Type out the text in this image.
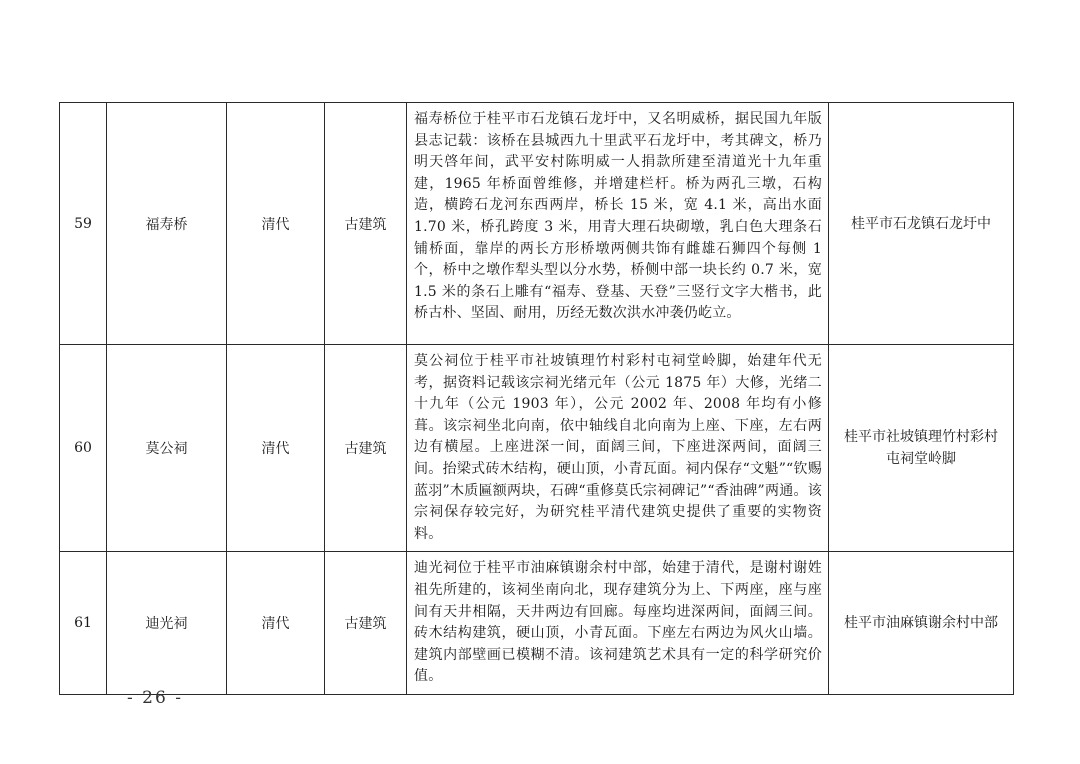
59	福寿桥	清代	古建筑	福寿桥位于桂平市石龙镇石龙圩中，又名明威桥，据民国九年版县志记载：该桥在县城西九十里武平石龙圩中，考其碑文，桥乃明天啓年间，武平安村陈明威一人捐款所建至清道光十九年重建，1965 年桥面曾维修，并增建栏杆。桥为两孔三墩，石构造，横跨石龙河东西两岸，桥长 15 米，宽 4.1 米，高出水面 1.70 米，桥孔跨度 3 米，用青大理石块砌墩，乳白色大理条石铺桥面，靠岸的两长方形桥墩两侧共饰有雌雄石狮四个每侧 1 个，桥中之墩作犁头型以分水势，桥侧中部一块长约 0.7 米，宽 1.5 米的条石上雕有“福寿、登基、天登”三竖行文字大楷书，此桥古朴、坚固、耐用，历经无数次洪水冲袭仍屹立。	桂平市石龙镇石龙圩中
60	莫公祠	清代	古建筑	莫公祠位于桂平市社坡镇理竹村彩村屯祠堂岭脚，始建年代无考，据资料记载该宗祠光绪元年（公元 1875 年）大修，光绪二十九年（公元 1903 年），公元 2002 年、2008 年均有小修葺。该宗祠坐北向南，依中轴线自北向南为上座、下座，左右两边有横屋。上座进深一间，面阔三间，下座进深两间，面阔三间。抬梁式砖木结构，硬山顶，小青瓦面。祠内保存“文魁”“钦赐蓝羽”木质匾额两块，石碑“重修莫氏宗祠碑记”“香油碑”两通。该宗祠保存较完好，为研究桂平清代建筑史提供了重要的实物资料。	桂平市社坡镇理竹村彩村屯祠堂岭脚
61	迪光祠	清代	古建筑	迪光祠位于桂平市油麻镇谢余村中部，始建于清代，是谢村谢姓祖先所建的，该祠坐南向北，现存建筑分为上、下两座，座与座间有天井相隔，天井两边有回廊。每座均进深两间，面阔三间。砖木结构建筑，硬山顶，小青瓦面。下座左右两边为风火山墙。建筑内部壁画已模糊不清。该祠建筑艺术具有一定的科学研究价值。	桂平市油麻镇谢余村中部
- 26 -
